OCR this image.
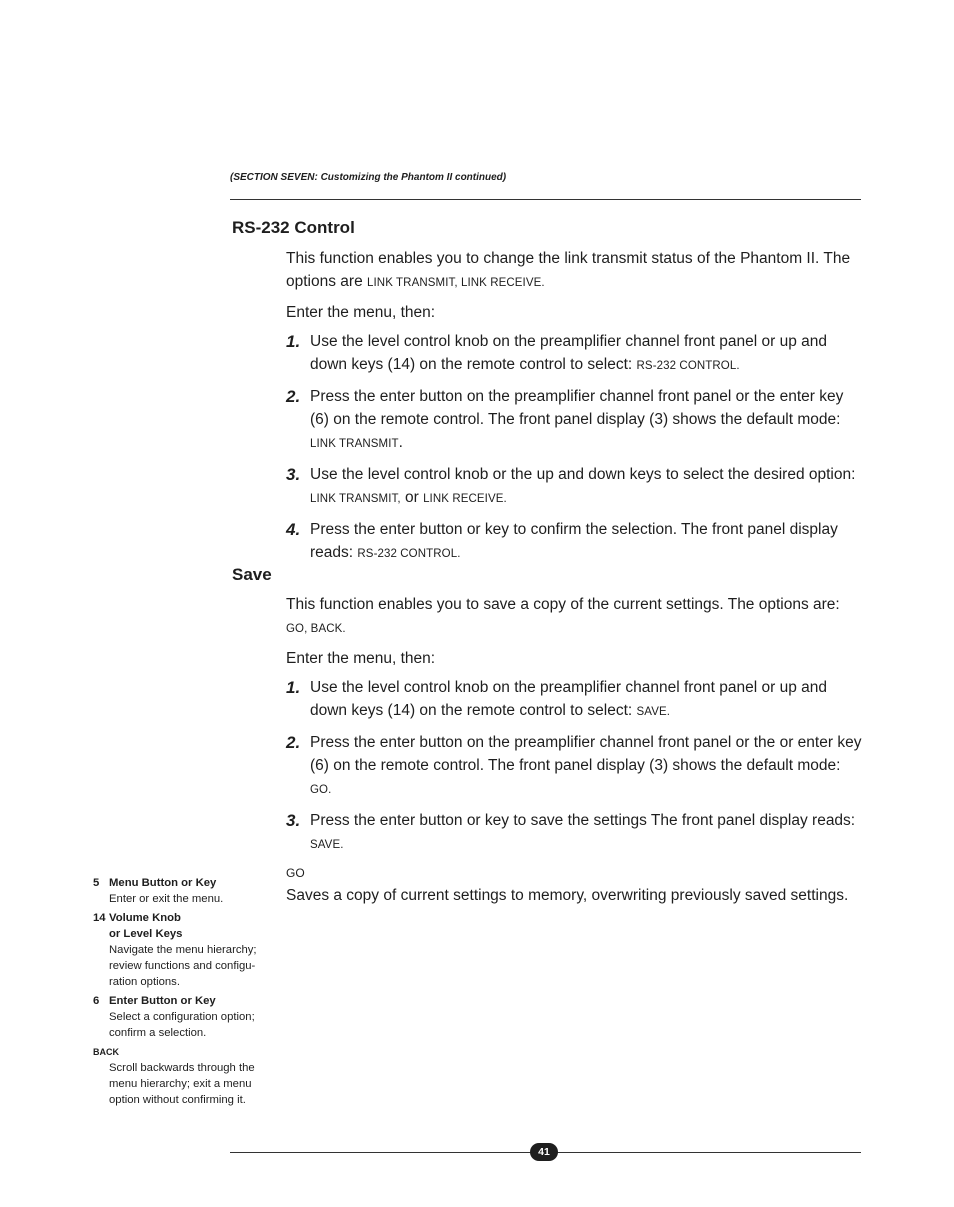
(SECTION SEVEN: Customizing the Phantom II continued)
RS-232 Control

This function enables you to change the link transmit status of the Phantom II. The options are LINK TRANSMIT, LINK RECEIVE.

Enter the menu, then:

1. Use the level control knob on the preamplifier channel front panel or up and down keys (14) on the remote control to select: RS-232 CONTROL.
2. Press the enter button on the preamplifier channel front panel or the enter key (6) on the remote control. The front panel display (3) shows the default mode: LINK TRANSMIT.
3. Use the level control knob or the up and down keys to select the desired option: LINK TRANSMIT, or LINK RECEIVE.
4. Press the enter button or key to confirm the selection. The front panel display reads: RS-232 CONTROL.
Save

This function enables you to save a copy of the current settings. The options are: GO, BACK.

Enter the menu, then:

1. Use the level control knob on the preamplifier channel front panel or up and down keys (14) on the remote control to select: SAVE.
2. Press the enter button on the preamplifier channel front panel or the or enter key (6) on the remote control. The front panel display (3) shows the default mode: GO.
3. Press the enter button or key to save the settings The front panel display reads: SAVE.
GO
Saves a copy of current settings to memory, overwriting previously saved settings.
5 Menu Button or Key
Enter or exit the menu.
14 Volume Knob
or Level Keys
Navigate the menu hierarchy; review functions and configu-ration options.
6 Enter Button or Key
Select a configuration option; confirm a selection.
BACK
Scroll backwards through the menu hierarchy; exit a menu option without confirming it.
41
